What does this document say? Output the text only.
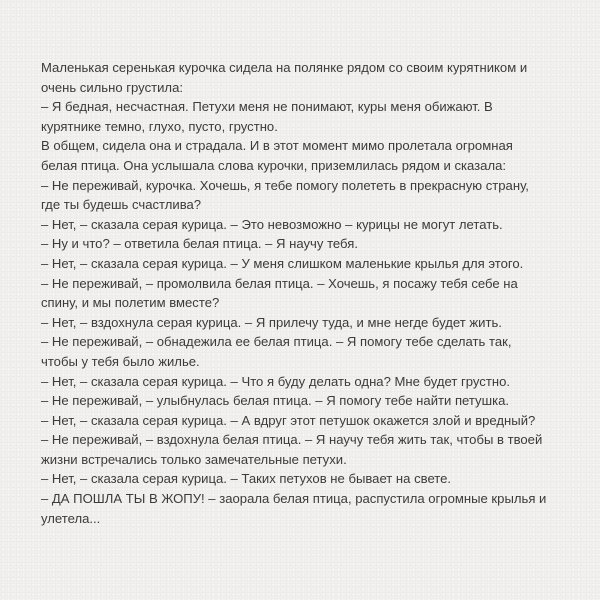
Маленькая серенькая курочка сидела на полянке рядом со своим курятником и
очень сильно грустила:
– Я бедная, несчастная. Петухи меня не понимают, куры меня обижают. В
курятнике темно, глухо, пусто, грустно.
В общем, сидела она и страдала. И в этот момент мимо пролетала огромная
белая птица. Она услышала слова курочки, приземлилась рядом и сказала:
– Не переживай, курочка. Хочешь, я тебе помогу полететь в прекрасную страну,
где ты будешь счастлива?
– Нет, – сказала серая курица. – Это невозможно – курицы не могут летать.
– Ну и что? – ответила белая птица. – Я научу тебя.
– Нет, – сказала серая курица. – У меня слишком маленькие крылья для этого.
– Не переживай, – промолвила белая птица. – Хочешь, я посажу тебя себе на
спину, и мы полетим вместе?
– Нет, – вздохнула серая курица. – Я прилечу туда, и мне негде будет жить.
– Не переживай, – обнадежила ее белая птица. – Я помогу тебе сделать так,
чтобы у тебя было жилье.
– Нет, – сказала серая курица. – Что я буду делать одна? Мне будет грустно.
– Не переживай, – улыбнулась белая птица. – Я помогу тебе найти петушка.
– Нет, – сказала серая курица. – А вдруг этот петушок окажется злой и вредный?
– Не переживай, – вздохнула белая птица. – Я научу тебя жить так, чтобы в твоей
жизни встречались только замечательные петухи.
– Нет, – сказала серая курица. – Таких петухов не бывает на свете.
– ДА ПОШЛА ТЫ В ЖОПУ! – заорала белая птица, распустила огромные крылья и
улетела...
